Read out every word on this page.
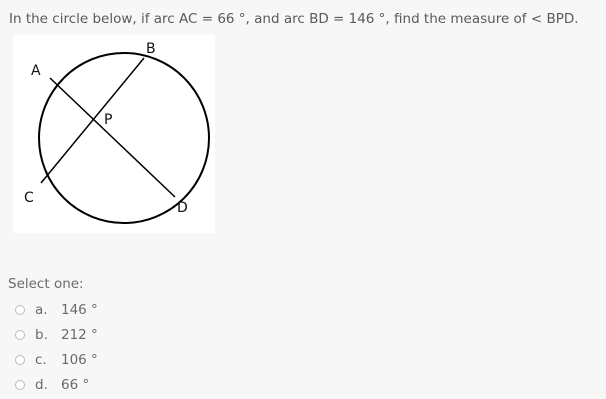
In the circle below, if arc AC = 66 °, and arc BD = 146 °, find the measure of < BPD.
A
B
C
D
P
Select one:
a. 146 °
b. 212 °
c.	106 °
d. 66 °
